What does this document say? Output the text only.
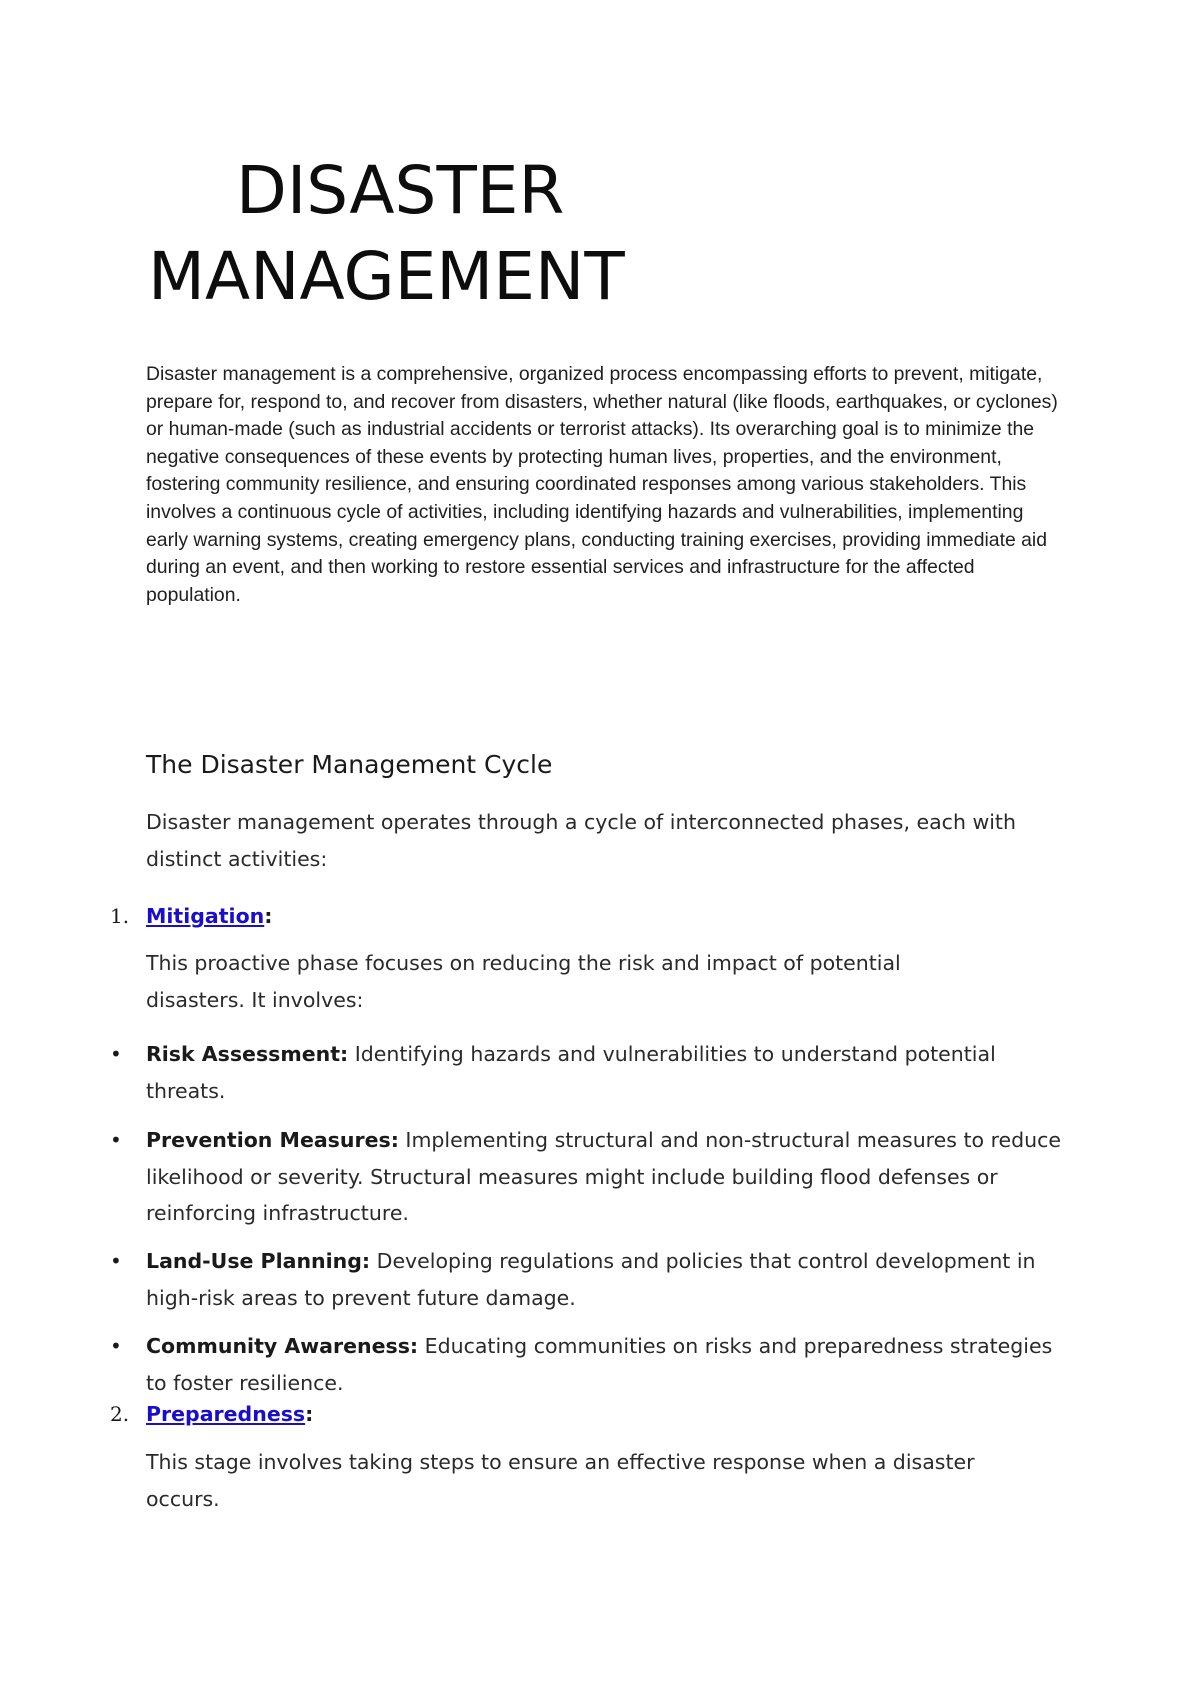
DISASTER
MANAGEMENT

Disaster management is a comprehensive, organized process encompassing efforts to prevent, mitigate, prepare for, respond to, and recover from disasters, whether natural (like floods, earthquakes, or cyclones) or human-made (such as industrial accidents or terrorist attacks). Its overarching goal is to minimize the negative consequences of these events by protecting human lives, properties, and the environment, fostering community resilience, and ensuring coordinated responses among various stakeholders. This involves a continuous cycle of activities, including identifying hazards and vulnerabilities, implementing early warning systems, creating emergency plans, conducting training exercises, providing immediate aid during an event, and then working to restore essential services and infrastructure for the affected population.

The Disaster Management Cycle

Disaster management operates through a cycle of interconnected phases, each with distinct activities:

1. Mitigation:

This proactive phase focuses on reducing the risk and impact of potential disasters. It involves:

•	Risk Assessment: Identifying hazards and vulnerabilities to understand potential threats.
•	Prevention Measures: Implementing structural and non-structural measures to reduce likelihood or severity. Structural measures might include building flood defenses or reinforcing infrastructure.
•	Land-Use Planning: Developing regulations and policies that control development in high-risk areas to prevent future damage.
•	Community Awareness: Educating communities on risks and preparedness strategies to foster resilience.
2. Preparedness:

This stage involves taking steps to ensure an effective response when a disaster occurs.
